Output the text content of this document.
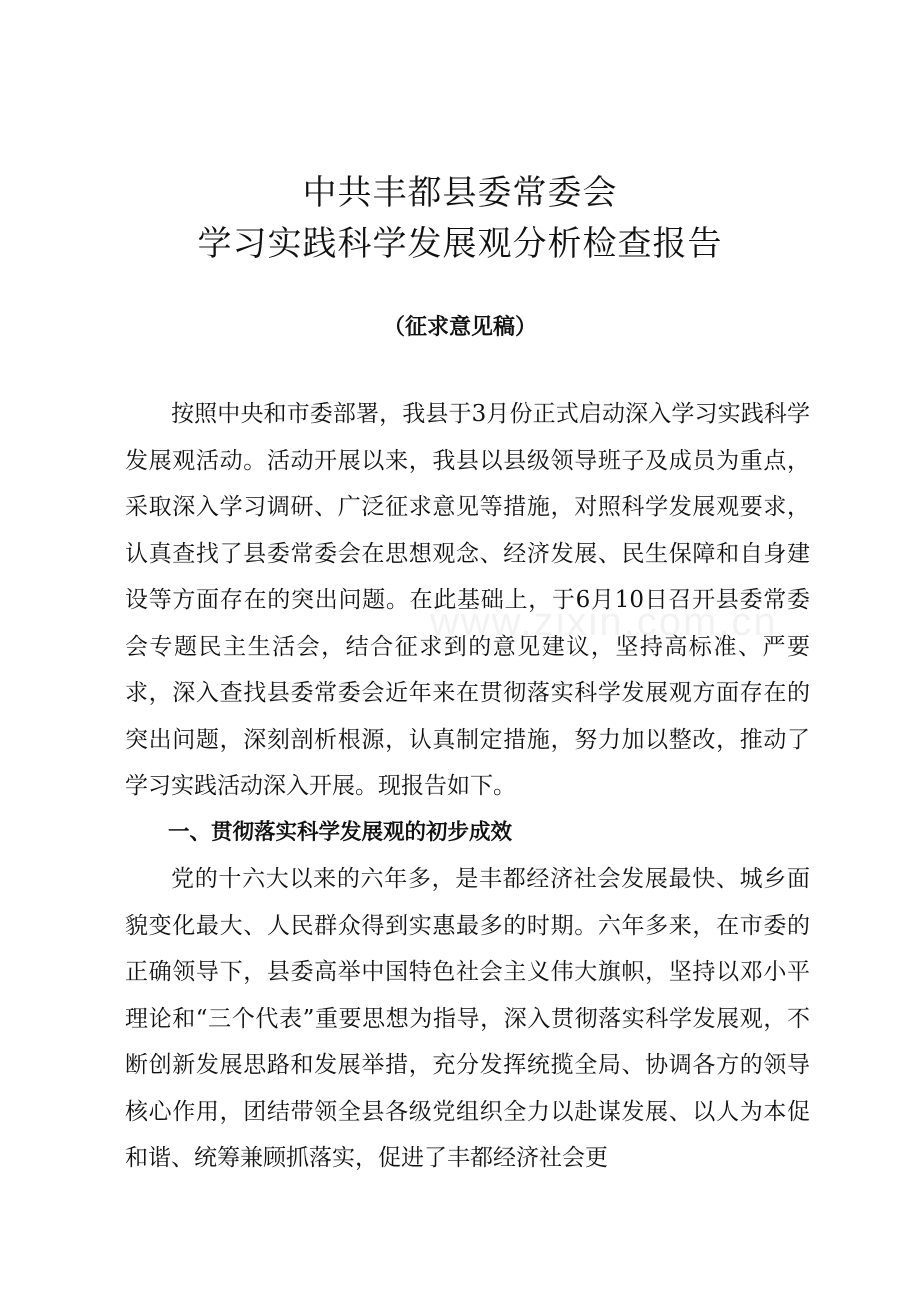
中共丰都县委常委会
学习实践科学发展观分析检查报告
（征求意见稿）

按照中央和市委部署，我县于3月份正式启动深入学习实践科学发展观活动。活动开展以来，我县以县级领导班子及成员为重点，采取深入学习调研、广泛征求意见等措施，对照科学发展观要求，认真查找了县委常委会在思想观念、经济发展、民生保障和自身建设等方面存在的突出问题。在此基础上，于6月10日召开县委常委会专题民主生活会，结合征求到的意见建议，坚持高标准、严要求，深入查找县委常委会近年来在贯彻落实科学发展观方面存在的突出问题，深刻剖析根源，认真制定措施，努力加以整改，推动了学习实践活动深入开展。现报告如下。

一、贯彻落实科学发展观的初步成效

党的十六大以来的六年多，是丰都经济社会发展最快、城乡面貌变化最大、人民群众得到实惠最多的时期。六年多来，在市委的正确领导下，县委高举中国特色社会主义伟大旗帜，坚持以邓小平理论和“三个代表”重要思想为指导，深入贯彻落实科学发展观，不断创新发展思路和发展举措，充分发挥统揽全局、协调各方的领导核心作用，团结带领全县各级党组织全力以赴谋发展、以人为本促和谐、统筹兼顾抓落实，促进了丰都经济社会更

www.zixin.com.cn
